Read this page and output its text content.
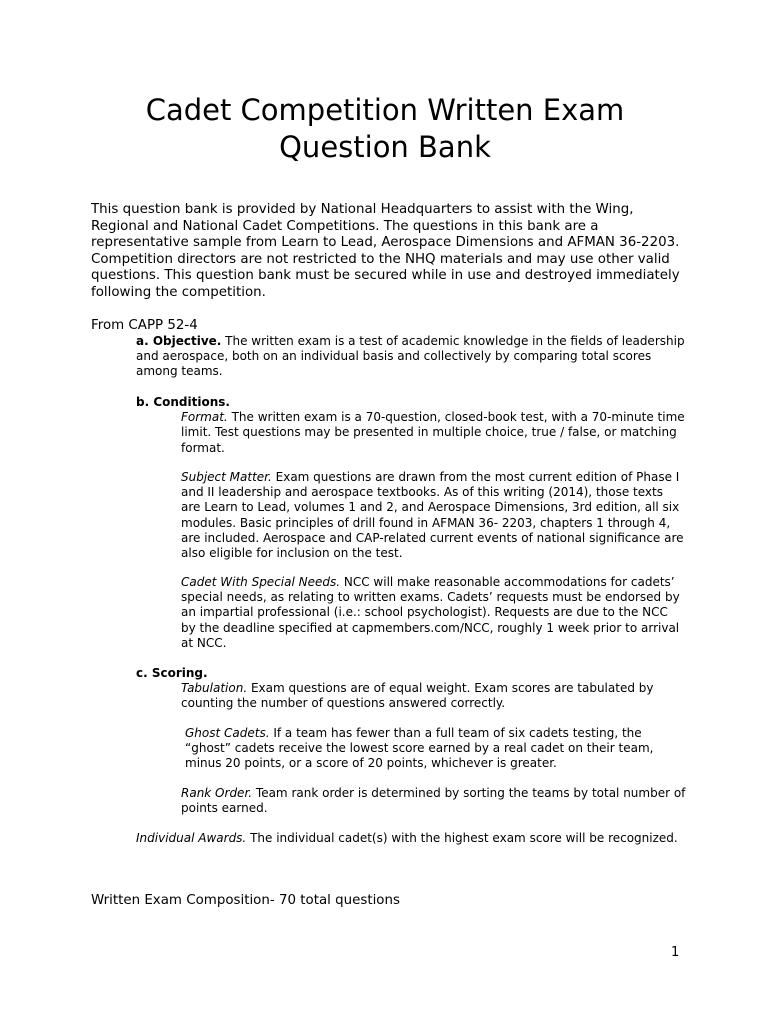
Cadet Competition Written Exam
Question Bank

This question bank is provided by National Headquarters to assist with the Wing, Regional and National Cadet Competitions. The questions in this bank are a representative sample from Learn to Lead, Aerospace Dimensions and AFMAN 36-2203. Competition directors are not restricted to the NHQ materials and may use other valid questions. This question bank must be secured while in use and destroyed immediately following the competition.

From CAPP 52-4

a. Objective. The written exam is a test of academic knowledge in the fields of leadership and aerospace, both on an individual basis and collectively by comparing total scores among teams.

b. Conditions.

Format. The written exam is a 70-question, closed-book test, with a 70-minute time limit. Test questions may be presented in multiple choice, true / false, or matching format.

Subject Matter. Exam questions are drawn from the most current edition of Phase I and II leadership and aerospace textbooks. As of this writing (2014), those texts are Learn to Lead, volumes 1 and 2, and Aerospace Dimensions, 3rd edition, all six modules. Basic principles of drill found in AFMAN 36- 2203, chapters 1 through 4, are included. Aerospace and CAP-related current events of national significance are also eligible for inclusion on the test.

Cadet With Special Needs. NCC will make reasonable accommodations for cadets’ special needs, as relating to written exams. Cadets’ requests must be endorsed by an impartial professional (i.e.: school psychologist). Requests are due to the NCC by the deadline specified at capmembers.com/NCC, roughly 1 week prior to arrival at NCC.

c. Scoring.

Tabulation. Exam questions are of equal weight. Exam scores are tabulated by counting the number of questions answered correctly.

Ghost Cadets. If a team has fewer than a full team of six cadets testing, the “ghost” cadets receive the lowest score earned by a real cadet on their team, minus 20 points, or a score of 20 points, whichever is greater.

Rank Order. Team rank order is determined by sorting the teams by total number of points earned.

Individual Awards. The individual cadet(s) with the highest exam score will be recognized.

Written Exam Composition- 70 total questions

1
